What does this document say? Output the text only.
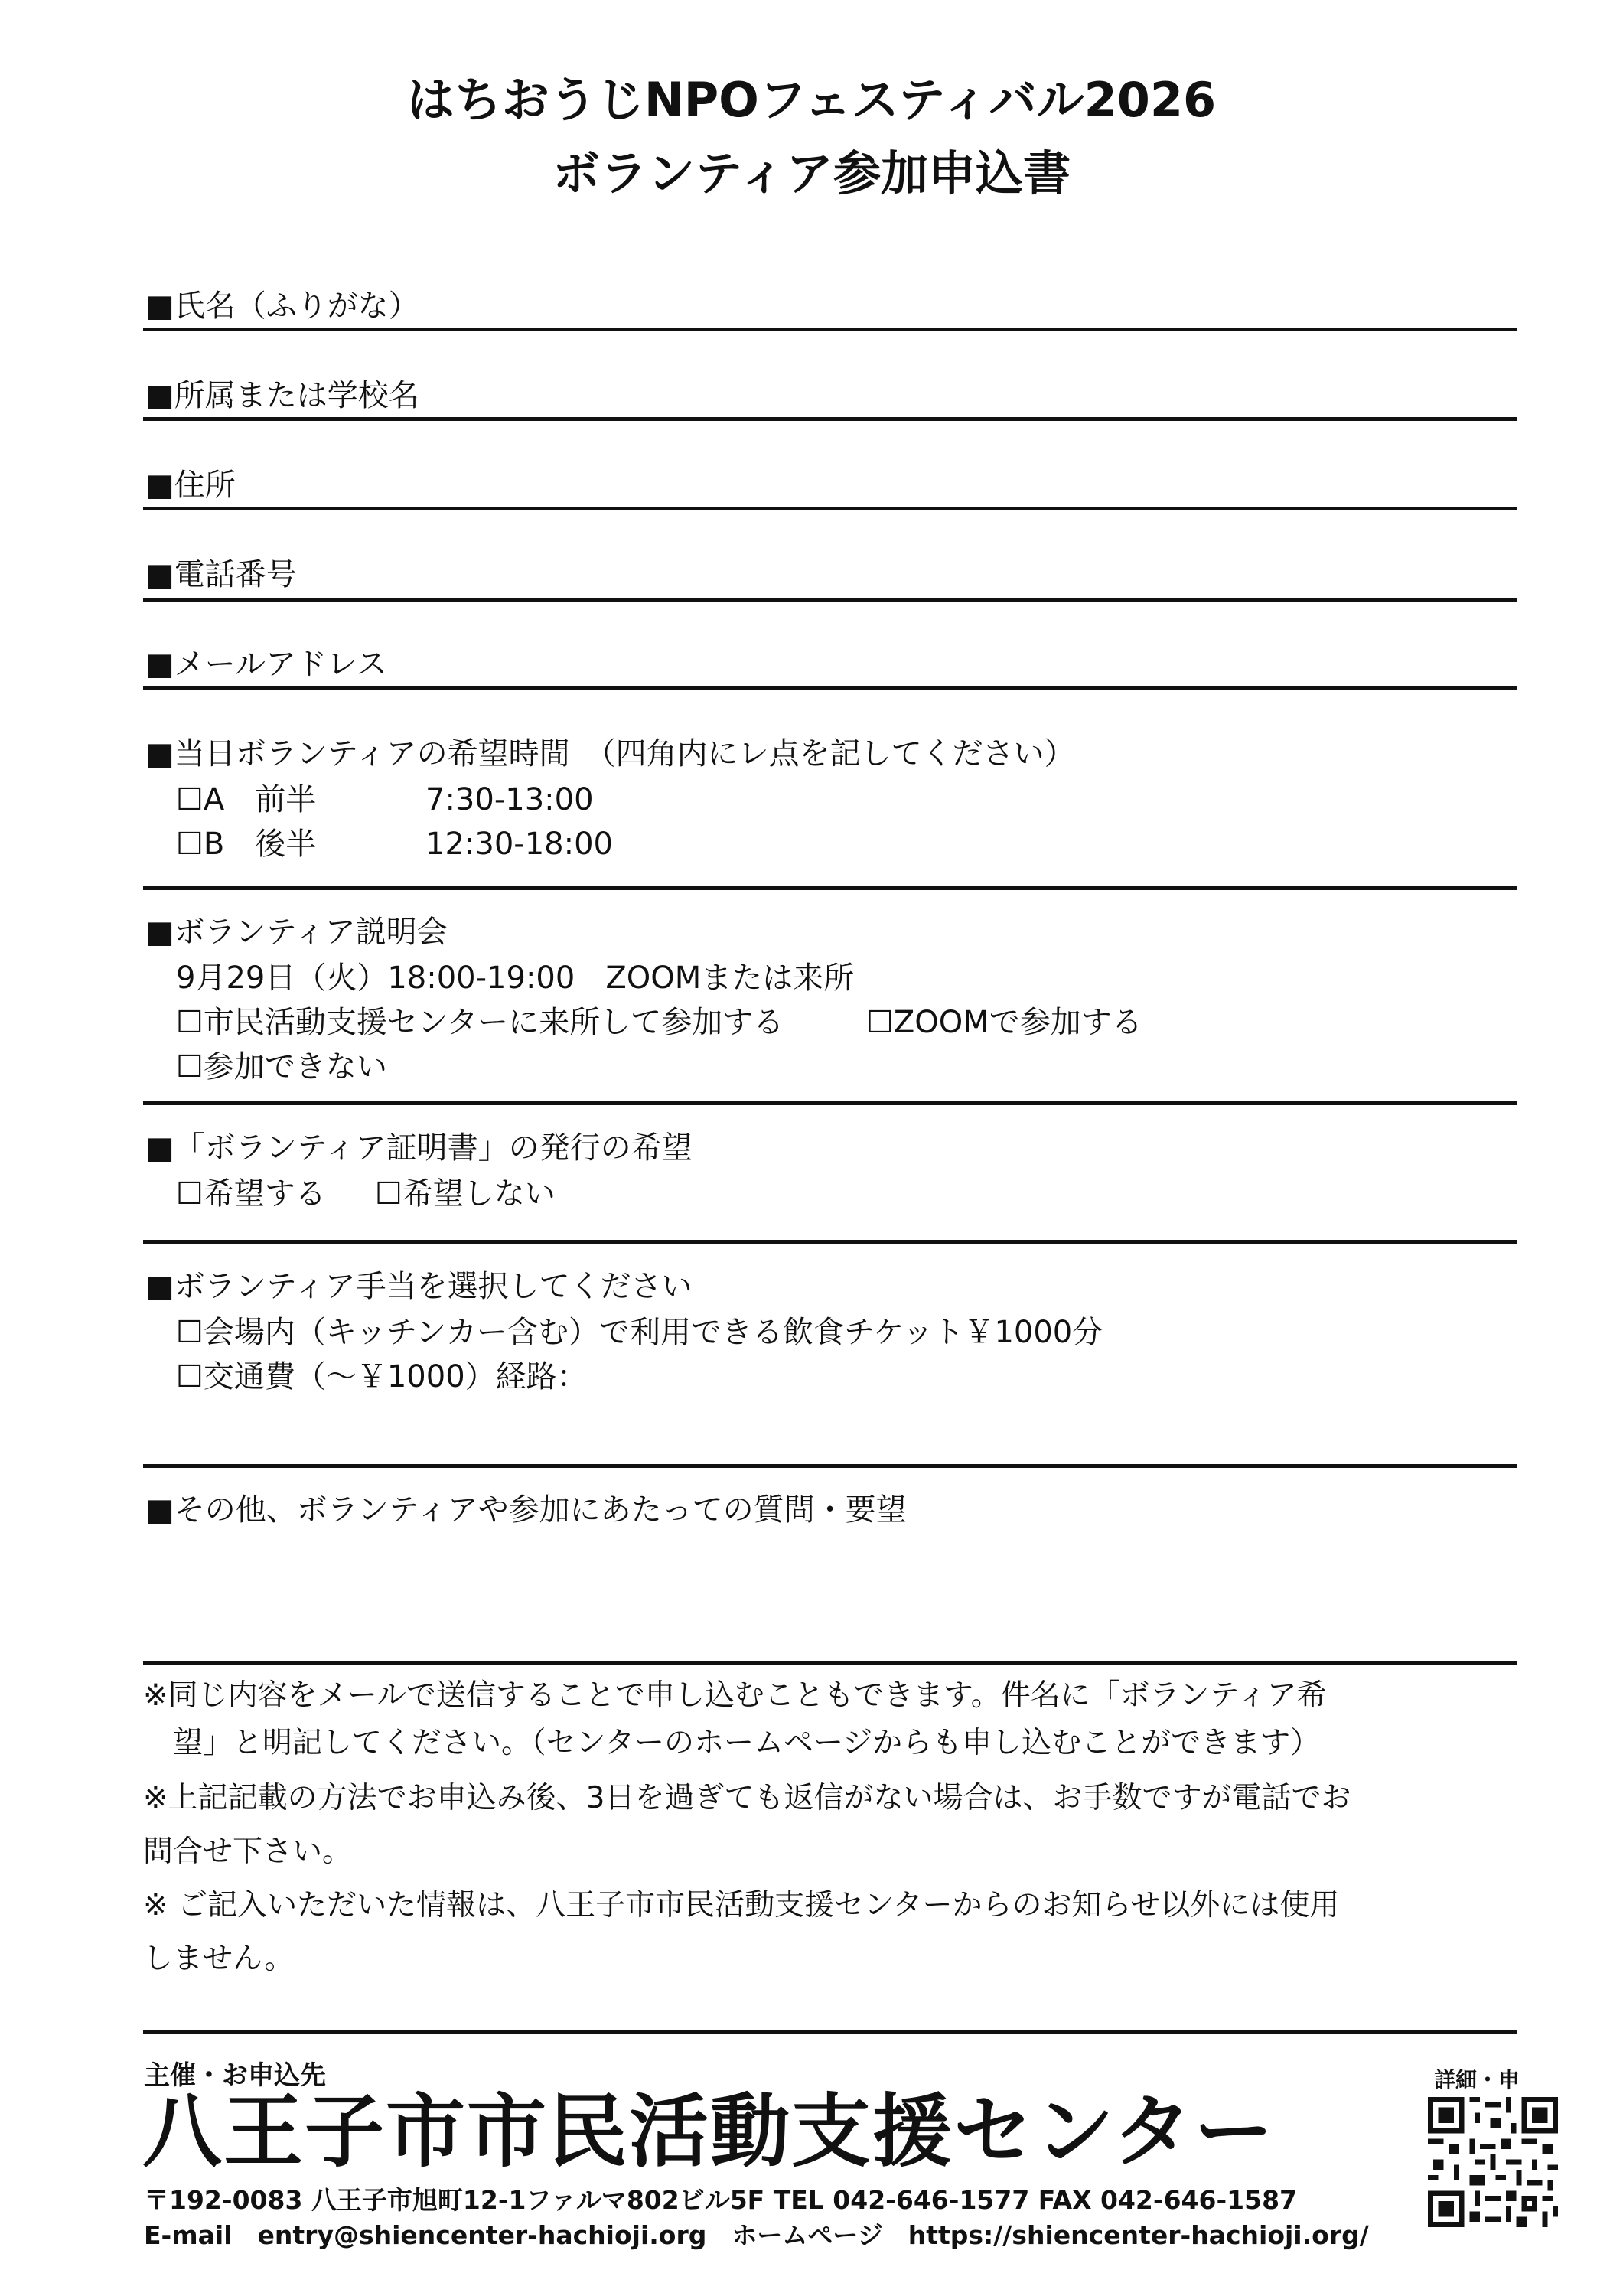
はちおうじNPOフェスティバル2026
ボランティア参加申込書
■氏名（ふりがな）
■所属または学校名
■住所
■電話番号
■メールアドレス
■当日ボランティアの希望時間　（四角内にレ点を記してください）
☐A　前半	7:30-13:00
☐B　後半	12:30-18:00
■ボランティア説明会
9月29日（火）18:00-19:00　ZOOMまたは来所
☐市民活動支援センターに来所して参加する	☐ZOOMで参加する
☐参加できない
■「ボランティア証明書」の発行の希望
☐希望する ☐希望しない
■ボランティア手当を選択してください
☐会場内（キッチンカー含む）で利用できる飲食チケット￥1000分
☐交通費（～￥1000）経路：
■その他、ボランティアや参加にあたっての質問・要望
※同じ内容をメールで送信することで申し込むこともできます。件名に「ボランティア希
　望」と明記してください。（センターのホームページからも申し込むことができます）
※上記記載の方法でお申込み後、3日を過ぎても返信がない場合は、お手数ですが電話でお
問合せ下さい。
※ ご記入いただいた情報は、八王子市市民活動支援センターからのお知らせ以外には使用
しません。
主催・お申込先
八王子市市民活動支援センター
〒192-0083 八王子市旭町12-1ファルマ802ビル5F TEL 042-646-1577 FAX 042-646-1587
E-mail　entry@shiencenter-hachioji.org　ホームページ　https://shiencenter-hachioji.org/
詳細・申
